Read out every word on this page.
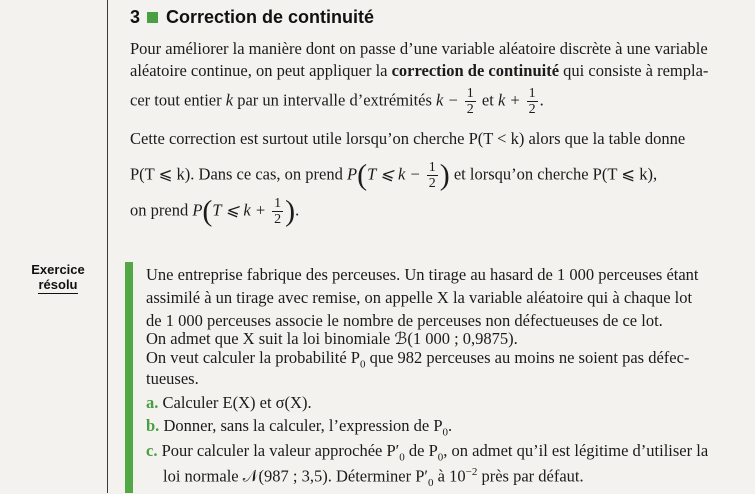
3 Correction de continuité
Pour améliorer la manière dont on passe d’une variable aléatoire discrète à une variable
aléatoire continue, on peut appliquer la correction de continuité qui consiste à rempla-
cer tout entier k par un intervalle d’extrémités $k - \frac{1}{2}$ et $k + \frac{1}{2}$ .
Cette correction est surtout utile lorsqu’on cherche P(T < k) alors que la table donne
P(T ⩽ k). Dans ce cas, on prend P(T ⩽ $k - \frac{1}{2}$ ) et lorsqu’on cherche P(T ⩽ k),
on prend P(T ⩽ $k + \frac{1}{2}$ ).
Exercice
résolu
Une entreprise fabrique des perceuses. Un tirage au hasard de 1 000 perceuses étant
assimilé à un tirage avec remise, on appelle X la variable aléatoire qui à chaque lot
de 1 000 perceuses associe le nombre de perceuses non défectueuses de ce lot.
On admet que X suit la loi binomiale ℬ(1 000 ; 0,9875).
On veut calculer la probabilité $P_0$ que 982 perceuses au moins ne soient pas défec-
tueuses.
a. Calculer E(X) et σ(X).
b. Donner, sans la calculer, l’expression de $P_0$.
c. Pour calculer la valeur approchée $P'_0$ de $P_0$, on admet qu’il est légitime d’utiliser la
loi normale 𝒩(987 ; 3,5). Déterminer $P'_0$ à $10^{-2}$ près par défaut.
